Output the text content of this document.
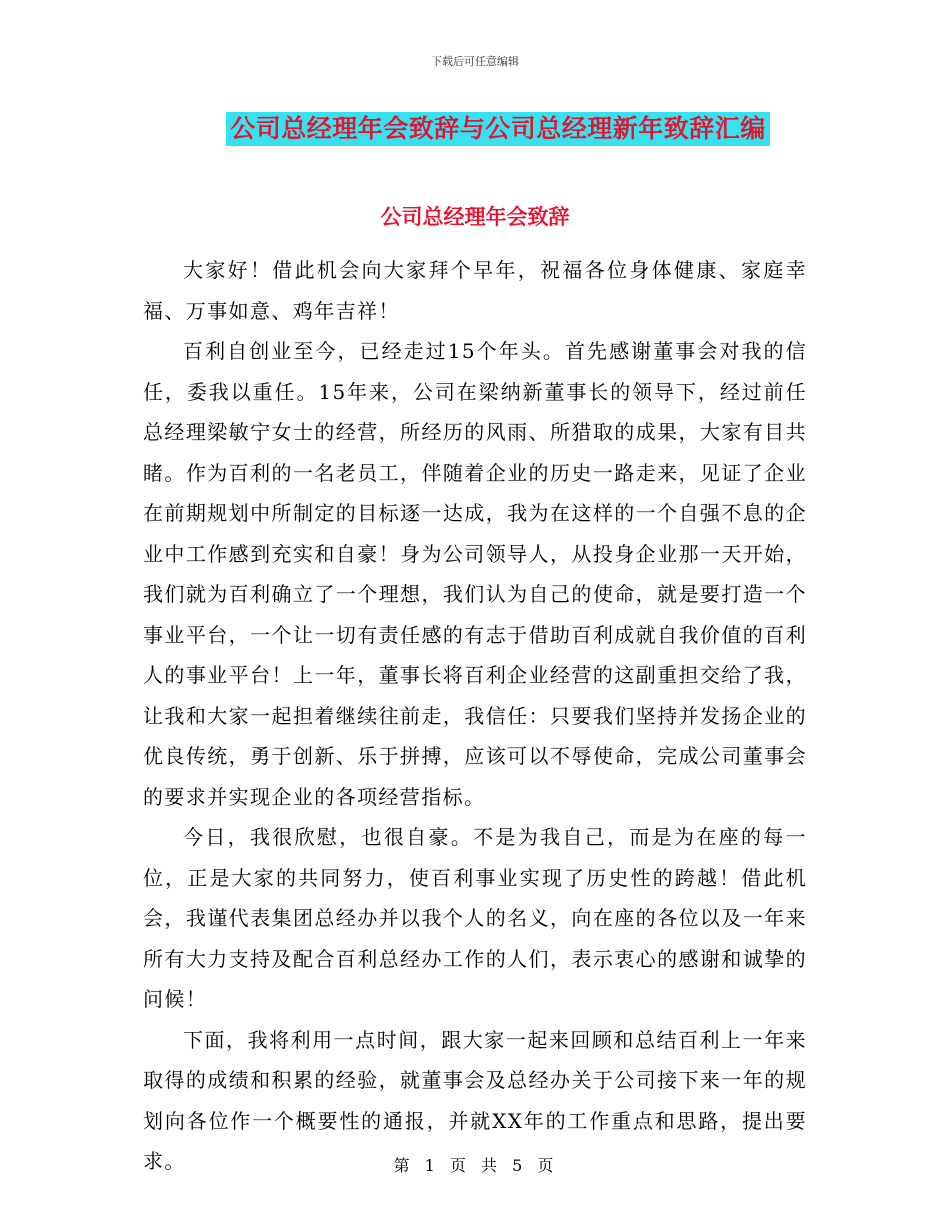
下载后可任意编辑
公司总经理年会致辞与公司总经理新年致辞汇编
公司总经理年会致辞

大家好！借此机会向大家拜个早年，祝福各位身体健康、家庭幸福、万事如意、鸡年吉祥！

百利自创业至今，已经走过15个年头。首先感谢董事会对我的信任，委我以重任。15年来，公司在梁纳新董事长的领导下，经过前任总经理梁敏宁女士的经营，所经历的风雨、所猎取的成果，大家有目共睹。作为百利的一名老员工，伴随着企业的历史一路走来，见证了企业在前期规划中所制定的目标逐一达成，我为在这样的一个自强不息的企业中工作感到充实和自豪！身为公司领导人，从投身企业那一天开始，我们就为百利确立了一个理想，我们认为自己的使命，就是要打造一个事业平台，一个让一切有责任感的有志于借助百利成就自我价值的百利人的事业平台！上一年，董事长将百利企业经营的这副重担交给了我，让我和大家一起担着继续往前走，我信任：只要我们坚持并发扬企业的优良传统，勇于创新、乐于拼搏，应该可以不辱使命，完成公司董事会的要求并实现企业的各项经营指标。

今日，我很欣慰，也很自豪。不是为我自己，而是为在座的每一位，正是大家的共同努力，使百利事业实现了历史性的跨越！借此机会，我谨代表集团总经办并以我个人的名义，向在座的各位以及一年来所有大力支持及配合百利总经办工作的人们，表示衷心的感谢和诚挚的问候！

下面，我将利用一点时间，跟大家一起来回顾和总结百利上一年来取得的成绩和积累的经验，就董事会及总经办关于公司接下来一年的规划向各位作一个概要性的通报，并就XX年的工作重点和思路，提出要求。	第 1 页 共 5 页
